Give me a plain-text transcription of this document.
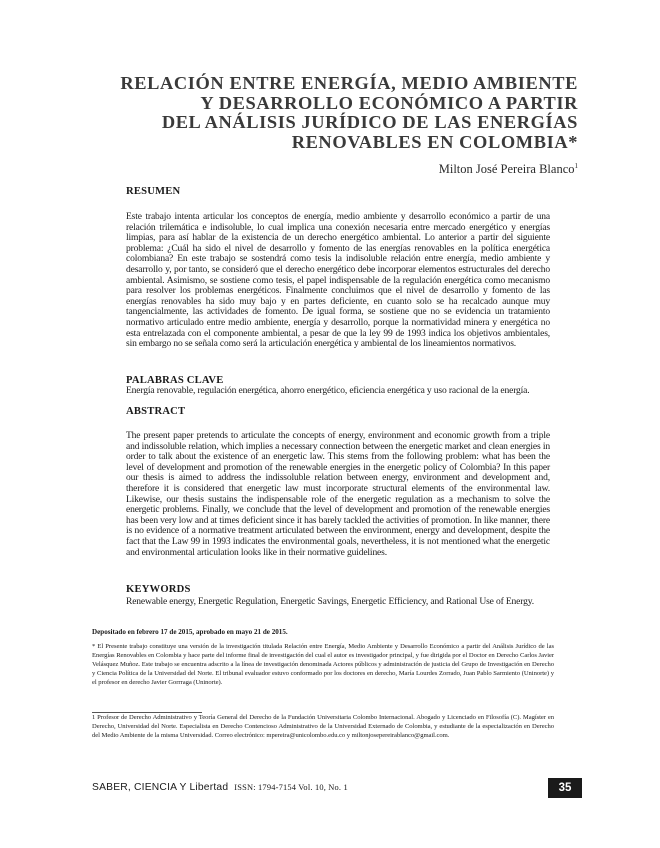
RELACIÓN ENTRE ENERGÍA, MEDIO AMBIENTE
Y DESARROLLO ECONÓMICO A PARTIR
DEL ANÁLISIS JURÍDICO DE LAS ENERGÍAS
RENOVABLES EN COLOMBIA*
Milton José Pereira Blanco$^1$
RESUMEN
Este trabajo intenta articular los conceptos de energía, medio ambiente y desarrollo económico a partir de una relación trilemática e indisoluble, lo cual implica una conexión necesaria entre mercado energético y energías limpias, para así hablar de la existencia de un derecho energético ambiental. Lo anterior a partir del siguiente problema: ¿Cuál ha sido el nivel de desarrollo y fomento de las energías renovables en la política energética colombiana? En este trabajo se sostendrá como tesis la indisoluble relación entre energía, medio ambiente y desarrollo y, por tanto, se consideró que el derecho energético debe incorporar elementos estructurales del derecho ambiental. Asimismo, se sostiene como tesis, el papel indispensable de la regulación energética como mecanismo para resolver los problemas energéticos. Finalmente concluimos que el nivel de desarrollo y fomento de las energías renovables ha sido muy bajo y en partes deficiente, en cuanto solo se ha recalcado aunque muy tangencialmente, las actividades de fomento. De igual forma, se sostiene que no se evidencia un tratamiento normativo articulado entre medio ambiente, energía y desarrollo, porque la normatividad minera y energética no esta entrelazada con el componente ambiental, a pesar de que la ley 99 de 1993 indica los objetivos ambientales, sin embargo no se señala como será la articulación energética y ambiental de los lineamientos normativos.
PALABRAS CLAVE
Energía renovable, regulación energética, ahorro energético, eficiencia energética y uso racional de la energía.
ABSTRACT
The present paper pretends to articulate the concepts of energy, environment and economic growth from a triple and indissoluble relation, which implies a necessary connection between the energetic market and clean energies in order to talk about the existence of an energetic law. This stems from the following problem: what has been the level of development and promotion of the renewable energies in the energetic policy of Colombia? In this paper our thesis is aimed to address the indissoluble relation between energy, environment and development and, therefore it is considered that energetic law must incorporate structural elements of the environmental law. Likewise, our thesis sustains the indispensable role of the energetic regulation as a mechanism to solve the energetic problems. Finally, we conclude that the level of development and promotion of the renewable energies has been very low and at times deficient since it has barely tackled the activities of promotion. In like manner, there is no evidence of a normative treatment articulated between the environment, energy and development, despite the fact that the Law 99 in 1993 indicates the environmental goals, nevertheless, it is not mentioned what the energetic and environmental articulation looks like in their normative guidelines.
KEYWORDS
Renewable energy, Energetic Regulation, Energetic Savings, Energetic Efficiency, and Rational Use of Energy.
Depositado en febrero 17 de 2015, aprobado en mayo 21 de 2015.
* El Presente trabajo constituye una versión de la investigación titulada Relación entre Energía, Medio Ambiente y Desarrollo Económico a partir del Análisis Jurídico de las Energías Renovables en Colombia y hace parte del informe final de investigación del cual el autor es investigador principal, y fue dirigida por el Doctor en Derecho Carlos Javier Velásquez Muñoz. Este trabajo se encuentra adscrito a la línea de investigación denominada Actores públicos y administración de justicia del Grupo de Investigación en Derecho y Ciencia Política de la Universidad del Norte. El tribunal evaluador estuvo conformado por los doctores en derecho, María Lourdes Zorrado, Juan Pablo Sarmiento (Uninorte) y el profesor en derecho Javier Gorrraga (Uninorte).
1 Profesor de Derecho Administrativo y Teoría General del Derecho de la Fundación Universitaria Colombo Internacional. Abogado y Licenciado en Filosofía (C). Magíster en Derecho, Universidad del Norte. Especialista en Derecho Contencioso Administrativo de la Universidad Externado de Colombia, y estudiante de la especialización en Derecho del Medio Ambiente de la misma Universidad. Correo electrónico: mpereira@unicolombo.edu.co y miltonjosepereirablanco@gmail.com.
SABER, CIENCIA Y Libertad ISSN: 1794-7154 Vol. 10, No. 1	35
